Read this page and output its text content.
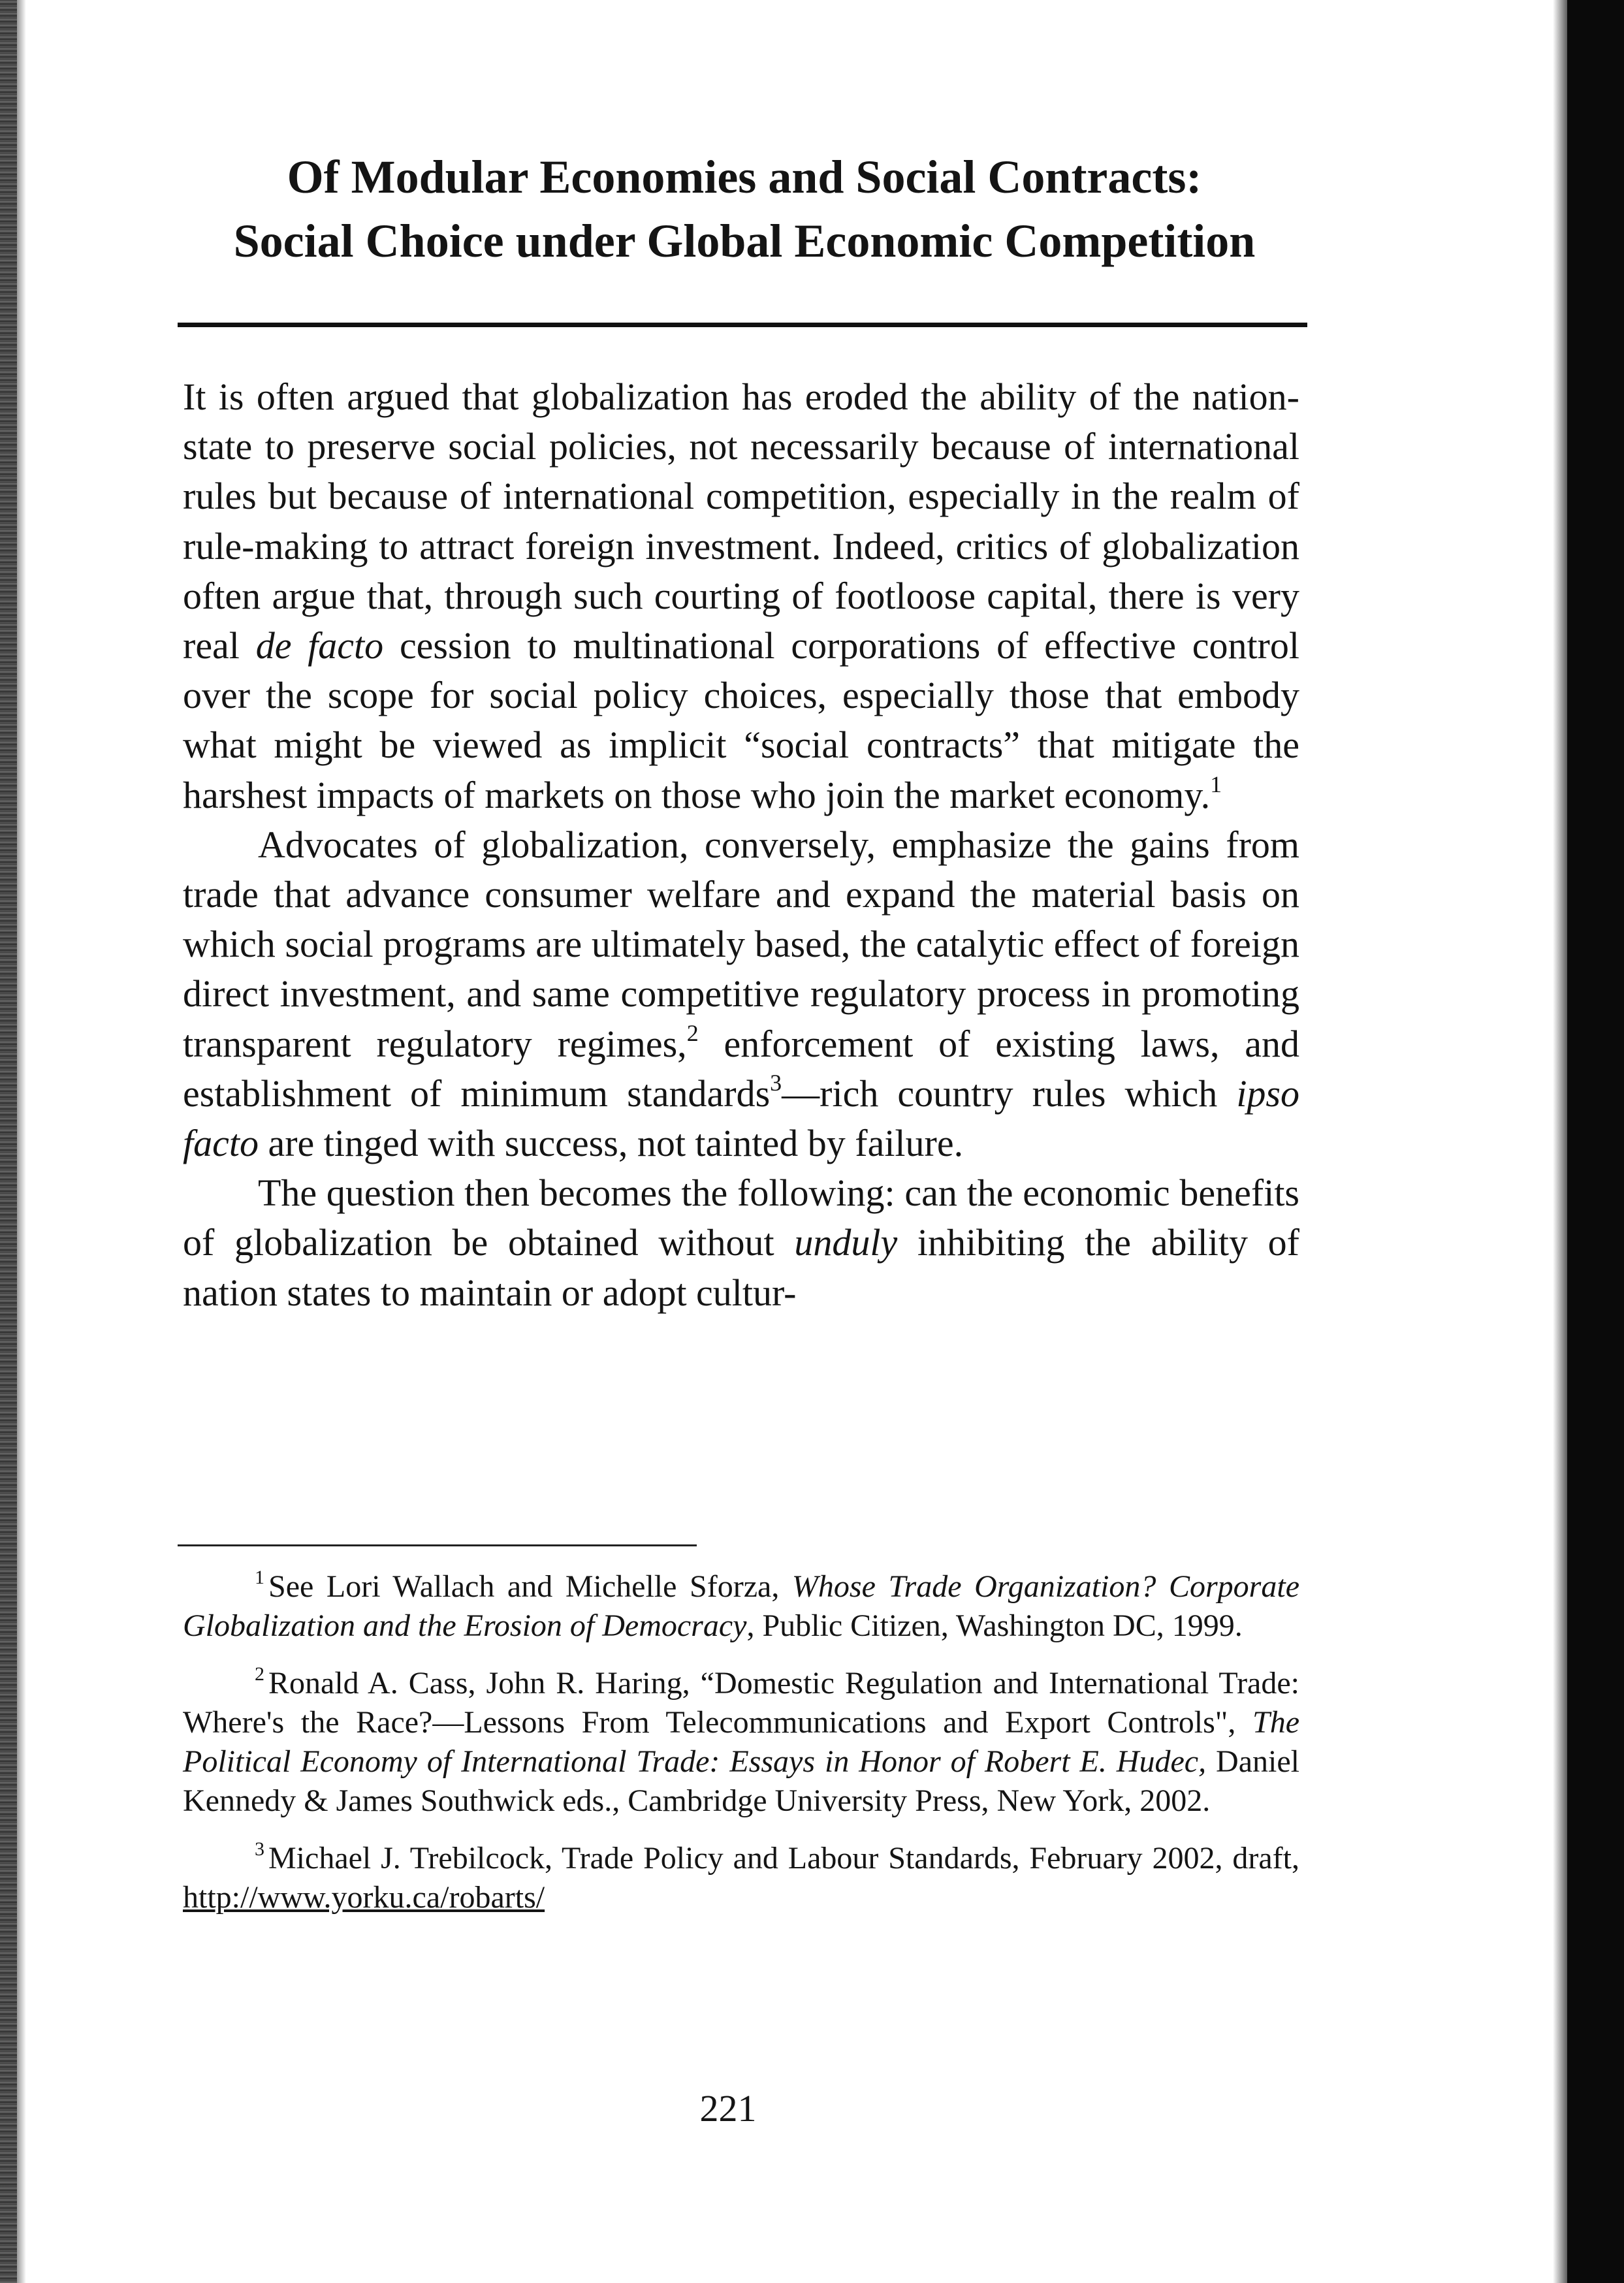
Of Modular Economies and Social Contracts:
Social Choice under Global Economic Competition

It is often argued that globalization has eroded the ability of the nation-state to preserve social policies, not necessarily because of international rules but because of international competition, especially in the realm of rule-making to attract foreign investment. Indeed, critics of globalization often argue that, through such courting of footloose capital, there is very real de facto cession to multinational corporations of effective control over the scope for social policy choices, especially those that embody what might be viewed as implicit “social contracts” that mitigate the harshest impacts of markets on those who join the market economy.$^1$

Advocates of globalization, conversely, emphasize the gains from trade that advance consumer welfare and expand the material basis on which social programs are ultimately based, the catalytic effect of foreign direct investment, and same competitive regulatory process in promoting transparent regulatory regimes,$^2$ enforcement of existing laws, and establishment of minimum standards$^3$—rich country rules which ipso facto are tinged with success, not tainted by failure.

The question then becomes the following: can the economic benefits of globalization be obtained without unduly inhibiting the ability of nation states to maintain or adopt cultur-

$^1$ See Lori Wallach and Michelle Sforza, Whose Trade Organization? Corporate Globalization and the Erosion of Democracy, Public Citizen, Washington DC, 1999.

$^2$ Ronald A. Cass, John R. Haring, “Domestic Regulation and International Trade: Where's the Race?—Lessons From Telecommunications and Export Controls", The Political Economy of International Trade: Essays in Honor of Robert E. Hudec, Daniel Kennedy & James Southwick eds., Cambridge University Press, New York, 2002.

$^3$ Michael J. Trebilcock, Trade Policy and Labour Standards, February 2002, draft, http://www.yorku.ca/robarts/

221
